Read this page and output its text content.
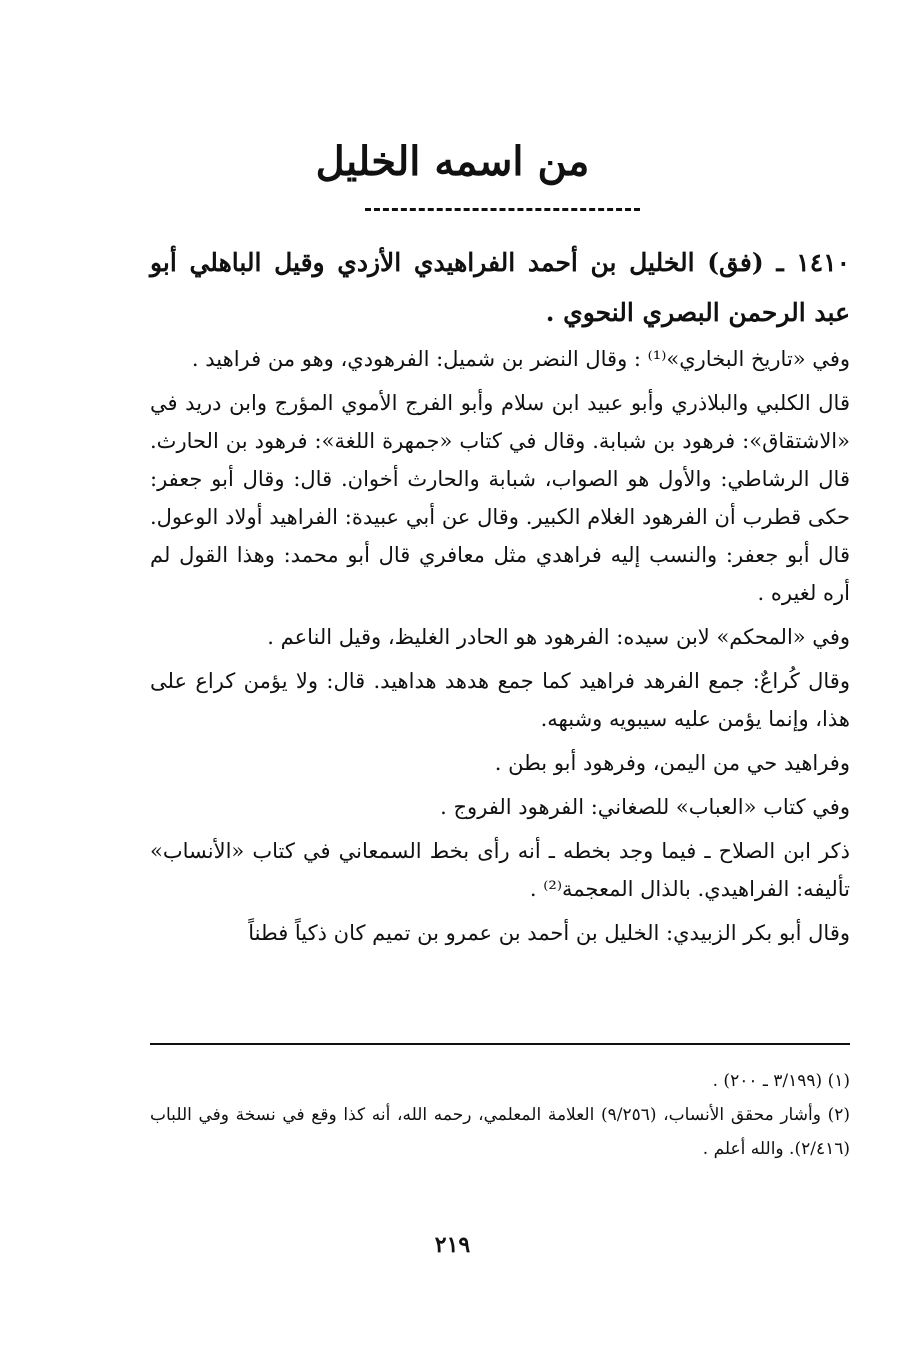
من اسمه الخليل

١٤١٠ ـ (فق) الخليل بن أحمد الفراهيدي الأزدي وقيل الباهلي أبو عبد الرحمن البصري النحوي .

وفي «تاريخ البخاري»⁽¹⁾ : وقال النضر بن شميل: الفرهودي، وهو من فراهيد .

قال الكلبي والبلاذري وأبو عبيد ابن سلام وأبو الفرج الأموي المؤرج وابن دريد في «الاشتقاق»: فرهود بن شبابة. وقال في كتاب «جمهرة اللغة»: فرهود بن الحارث. قال الرشاطي: والأول هو الصواب، شبابة والحارث أخوان. قال: وقال أبو جعفر: حكى قطرب أن الفرهود الغلام الكبير. وقال عن أبي عبيدة: الفراهيد أولاد الوعول. قال أبو جعفر: والنسب إليه فراهدي مثل معافري قال أبو محمد: وهذا القول لم أره لغيره .

وفي «المحكم» لابن سيده: الفرهود هو الحادر الغليظ، وقيل الناعم .

وقال كُراعٌ: جمع الفرهد فراهيد كما جمع هدهد هداهيد. قال: ولا يؤمن كراع على هذا، وإنما يؤمن عليه سيبويه وشبهه.

وفراهيد حي من اليمن، وفرهود أبو بطن .

وفي كتاب «العباب» للصغاني: الفرهود الفروج .

ذكر ابن الصلاح ـ فيما وجد بخطه ـ أنه رأى بخط السمعاني في كتاب «الأنساب» تأليفه: الفراهيدي. بالذال المعجمة⁽²⁾ .

وقال أبو بكر الزبيدي: الخليل بن أحمد بن عمرو بن تميم كان ذكياً فطناً

(١) (٣/١٩٩ ـ ٢٠٠) .

(٢) وأشار محقق الأنساب، (٩/٢٥٦) العلامة المعلمي، رحمه الله، أنه كذا وقع في نسخة وفي اللباب (٢/٤١٦). والله أعلم .

٢١٩
